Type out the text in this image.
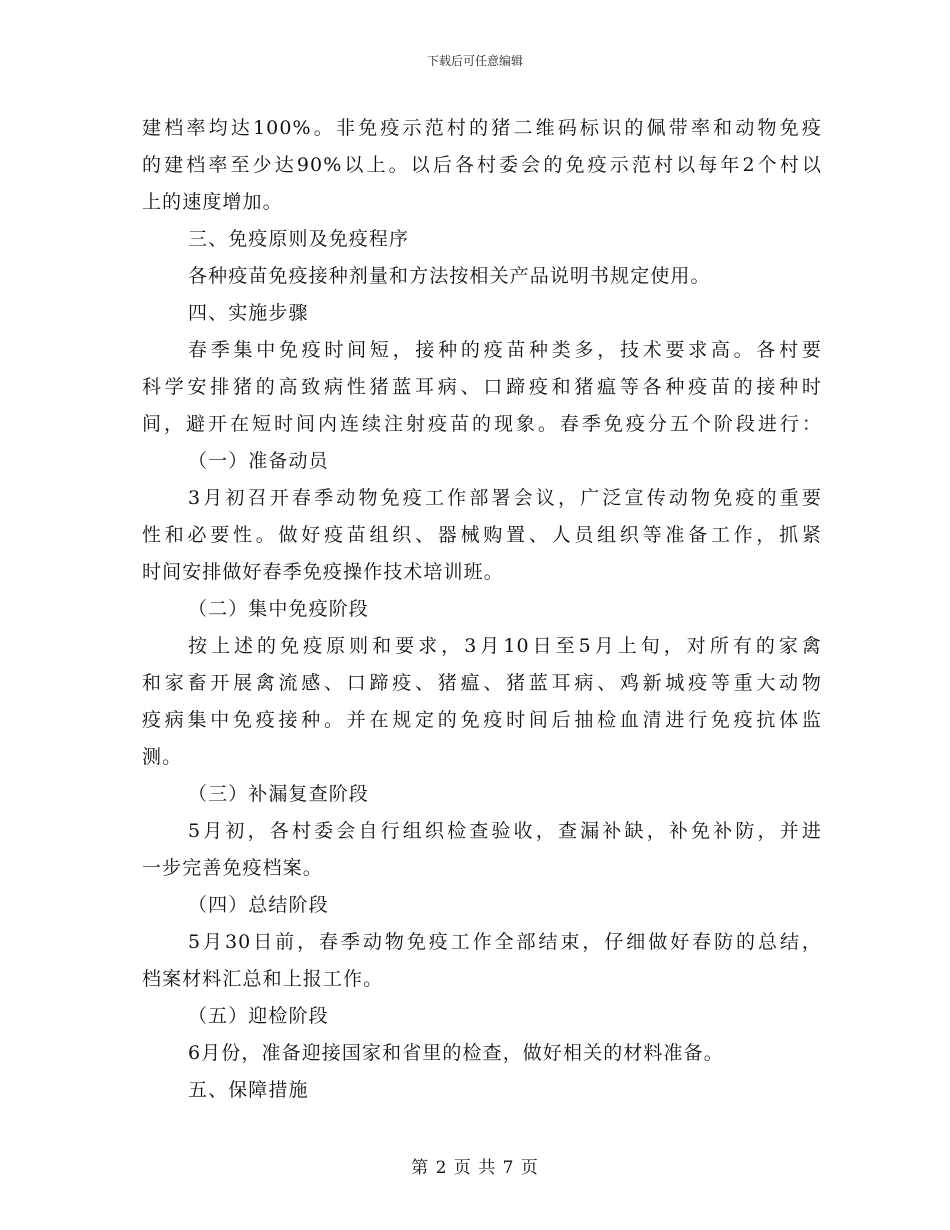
下载后可任意编辑
建档率均达100%。非免疫示范村的猪二维码标识的佩带率和动物免疫
的建档率至少达90%以上。以后各村委会的免疫示范村以每年2个村以
上的速度增加。
三、免疫原则及免疫程序
各种疫苗免疫接种剂量和方法按相关产品说明书规定使用。
四、实施步骤
春季集中免疫时间短，接种的疫苗种类多，技术要求高。各村要
科学安排猪的高致病性猪蓝耳病、口蹄疫和猪瘟等各种疫苗的接种时
间，避开在短时间内连续注射疫苗的现象。春季免疫分五个阶段进行：
（一）准备动员
3月初召开春季动物免疫工作部署会议，广泛宣传动物免疫的重要
性和必要性。做好疫苗组织、器械购置、人员组织等准备工作，抓紧
时间安排做好春季免疫操作技术培训班。
（二）集中免疫阶段
按上述的免疫原则和要求，3月10日至5月上旬，对所有的家禽
和家畜开展禽流感、口蹄疫、猪瘟、猪蓝耳病、鸡新城疫等重大动物
疫病集中免疫接种。并在规定的免疫时间后抽检血清进行免疫抗体监
测。
（三）补漏复查阶段
5月初，各村委会自行组织检查验收，查漏补缺，补免补防，并进
一步完善免疫档案。
（四）总结阶段
5月30日前，春季动物免疫工作全部结束，仔细做好春防的总结，
档案材料汇总和上报工作。
（五）迎检阶段
6月份，准备迎接国家和省里的检查，做好相关的材料准备。
五、保障措施
第 2 页 共 7 页
